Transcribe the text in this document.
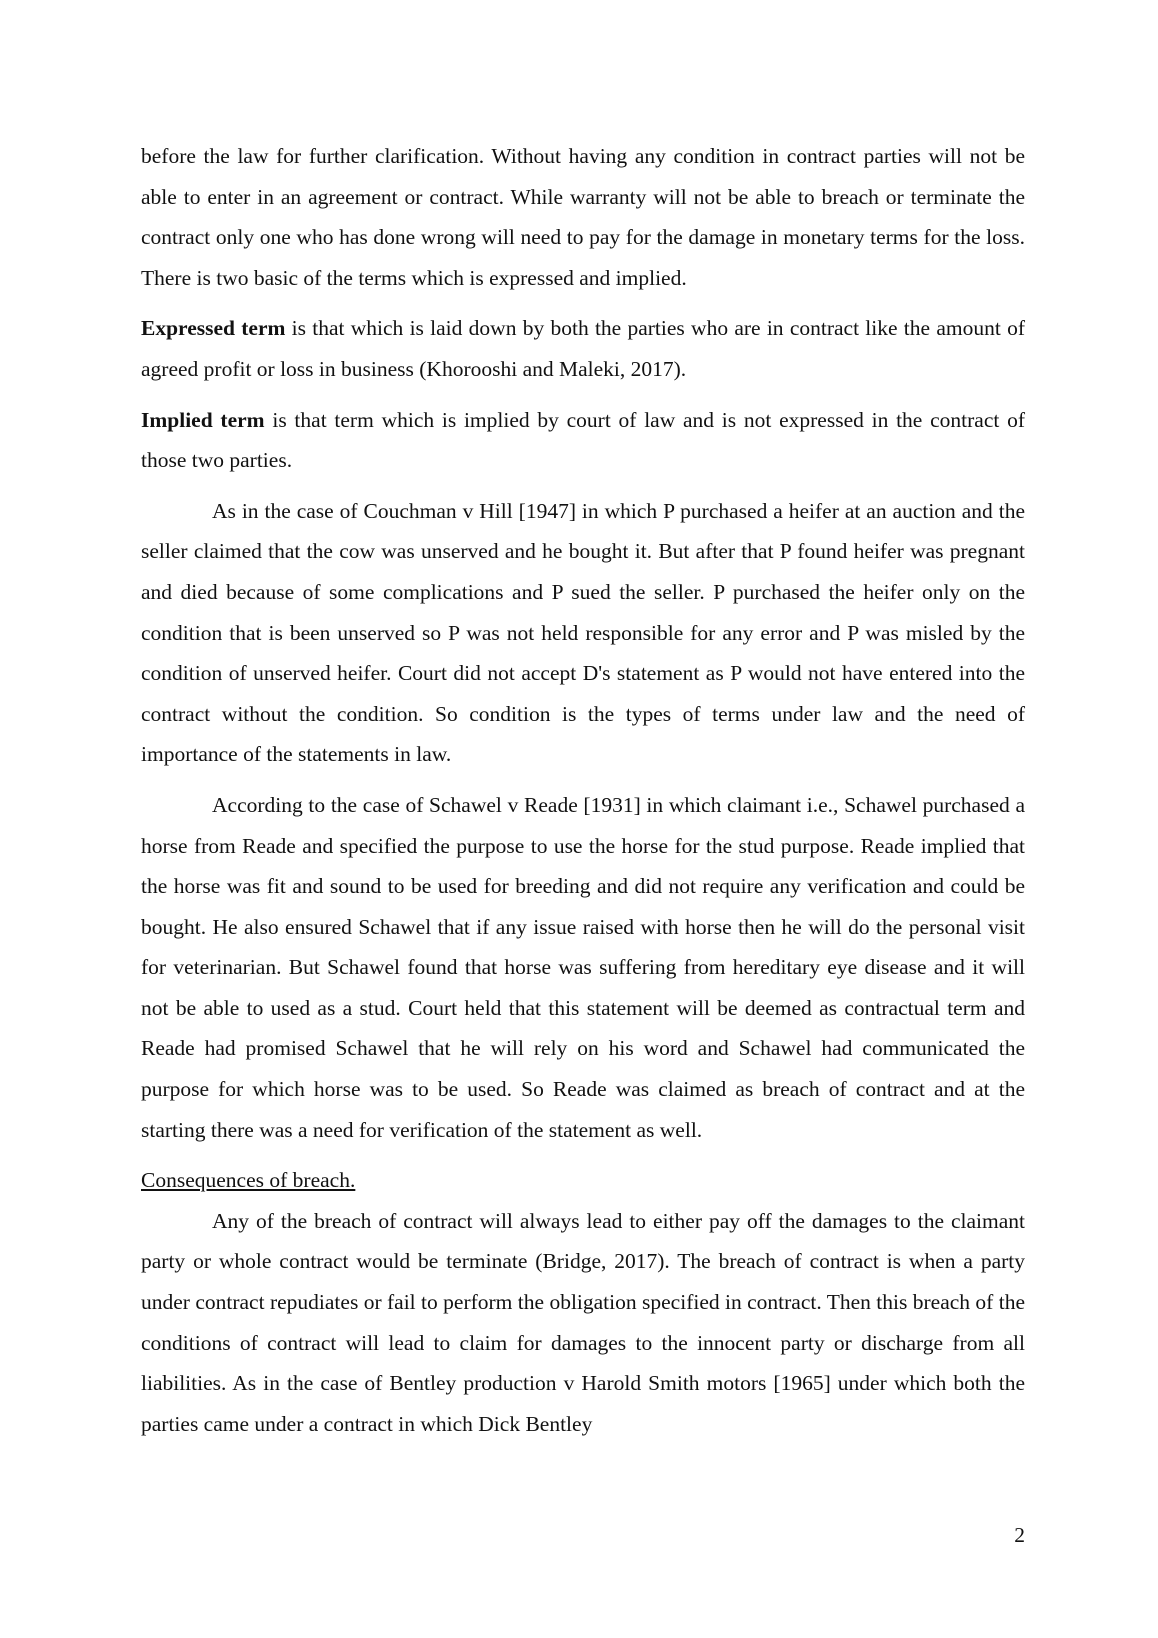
before the law for further clarification. Without having any condition in contract parties will not be able to enter in an agreement or contract. While warranty will not be able to breach or terminate the contract only one who has done wrong will need to pay for the damage in monetary terms for the loss. There is two basic of the terms which is expressed and implied.

Expressed term is that which is laid down by both the parties who are in contract like the amount of agreed profit or loss in business (Khorooshi and Maleki, 2017).

Implied term is that term which is implied by court of law and is not expressed in the contract of those two parties.

As in the case of Couchman v Hill [1947] in which P purchased a heifer at an auction and the seller claimed that the cow was unserved and he bought it. But after that P found heifer was pregnant and died because of some complications and P sued the seller. P purchased the heifer only on the condition that is been unserved so P was not held responsible for any error and P was misled by the condition of unserved heifer. Court did not accept D's statement as P would not have entered into the contract without the condition. So condition is the types of terms under law and the need of importance of the statements in law.

According to the case of Schawel v Reade [1931] in which claimant i.e., Schawel purchased a horse from Reade and specified the purpose to use the horse for the stud purpose. Reade implied that the horse was fit and sound to be used for breeding and did not require any verification and could be bought. He also ensured Schawel that if any issue raised with horse then he will do the personal visit for veterinarian. But Schawel found that horse was suffering from hereditary eye disease and it will not be able to used as a stud. Court held that this statement will be deemed as contractual term and Reade had promised Schawel that he will rely on his word and Schawel had communicated the purpose for which horse was to be used. So Reade was claimed as breach of contract and at the starting there was a need for verification of the statement as well.

Consequences of breach.

Any of the breach of contract will always lead to either pay off the damages to the claimant party or whole contract would be terminate (Bridge, 2017). The breach of contract is when a party under contract repudiates or fail to perform the obligation specified in contract. Then this breach of the conditions of contract will lead to claim for damages to the innocent party or discharge from all liabilities. As in the case of Bentley production v Harold Smith motors [1965] under which both the parties came under a contract in which Dick Bentley

2
